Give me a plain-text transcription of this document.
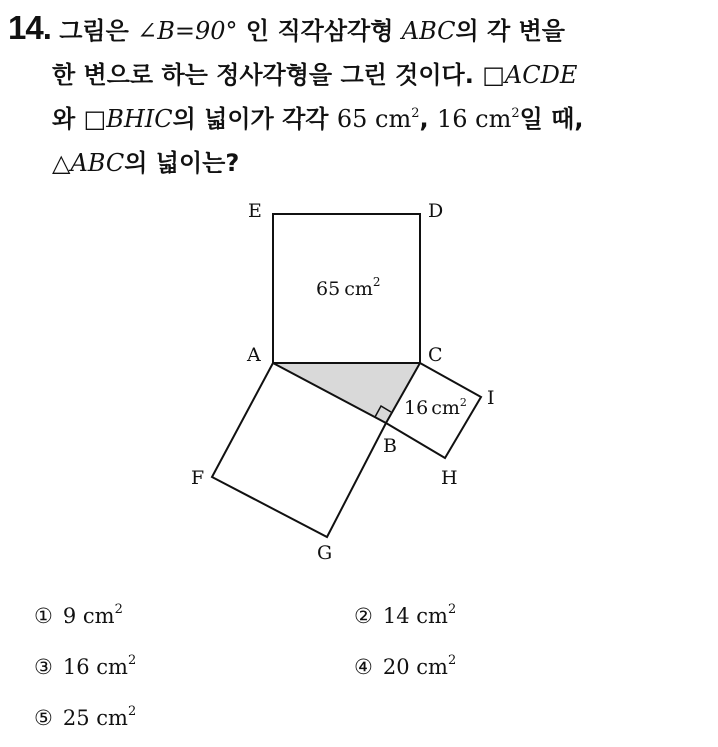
14. 그림은 ∠B=90° 인 직각삼각형 ABC의 각 변을
한 변으로 하는 정사각형을 그린 것이다. □ACDE
와 □BHIC의 넓이가 각각 65 $cm^2$, 16 $cm^2$일 때,
△ABC의 넓이는?
E	D
A	C
I
B
H
F
G
65 $cm^2$
16 $cm^2$
① 9 $cm^2$	② 14 $cm^2$
③ 16 $cm^2$	④ 20 $cm^2$
⑤ 25 $cm^2$
